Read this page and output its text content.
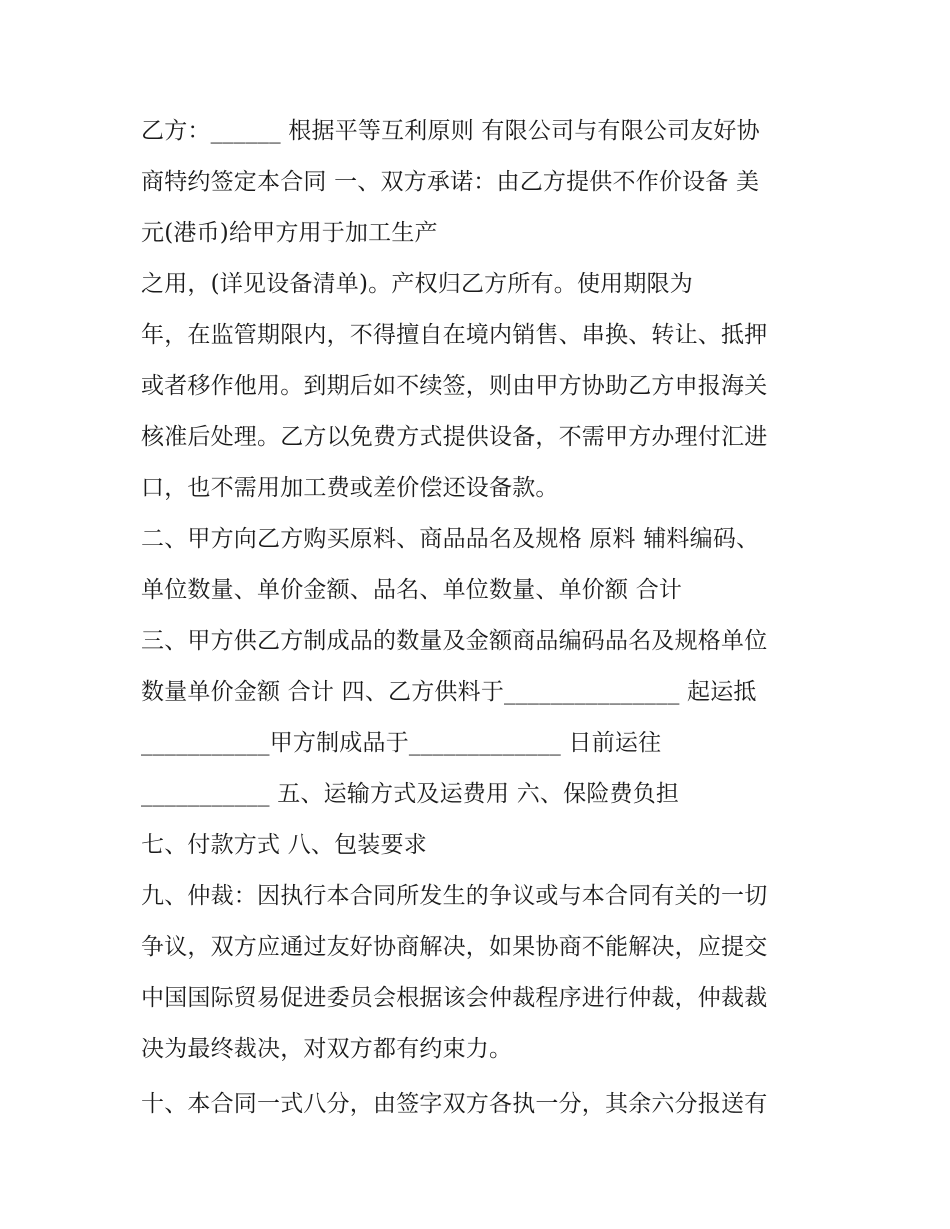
乙方：______ 根据平等互利原则 有限公司与有限公司友好协
商特约签定本合同 一、双方承诺：由乙方提供不作价设备 美
元(港币)给甲方用于加工生产
之用，(详见设备清单)。产权归乙方所有。使用期限为
年，在监管期限内，不得擅自在境内销售、串换、转让、抵押
或者移作他用。到期后如不续签，则由甲方协助乙方申报海关
核准后处理。乙方以免费方式提供设备，不需甲方办理付汇进
口，也不需用加工费或差价偿还设备款。
二、甲方向乙方购买原料、商品品名及规格 原料 辅料编码、
单位数量、单价金额、品名、单位数量、单价额 合计
三、甲方供乙方制成品的数量及金额商品编码品名及规格单位
数量单价金额 合计 四、乙方供料于_______________ 起运抵
___________甲方制成品于_____________ 日前运往
___________ 五、运输方式及运费用 六、保险费负担
七、付款方式 八、包装要求
九、仲裁：因执行本合同所发生的争议或与本合同有关的一切
争议，双方应通过友好协商解决，如果协商不能解决，应提交
中国国际贸易促进委员会根据该会仲裁程序进行仲裁，仲裁裁
决为最终裁决，对双方都有约束力。
十、本合同一式八分，由签字双方各执一分，其余六分报送有
